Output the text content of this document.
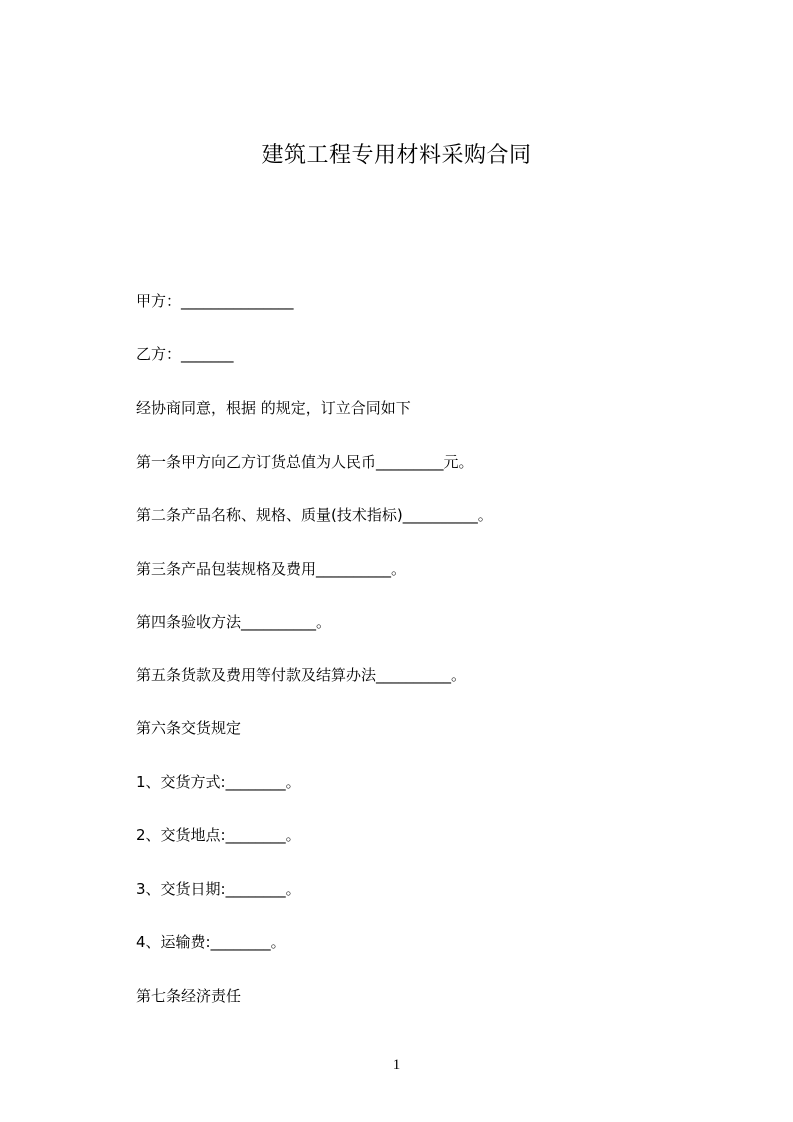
建筑工程专用材料采购合同
甲方：_______________
乙方：_______
经协商同意，根据 的规定，订立合同如下
第一条甲方向乙方订货总值为人民币_________元。
第二条产品名称、规格、质量(技术指标)__________。
第三条产品包装规格及费用__________。
第四条验收方法__________。
第五条货款及费用等付款及结算办法__________。
第六条交货规定
1、交货方式:________。
2、交货地点:________。
3、交货日期:________。
4、运输费:________。
第七条经济责任
1
